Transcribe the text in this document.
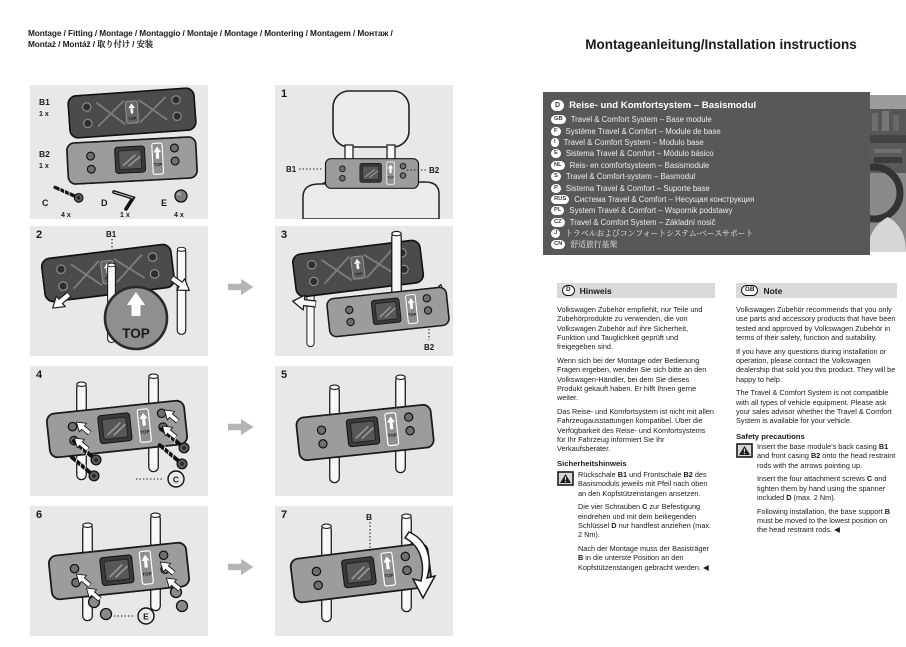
Montage / Fitting / Montage / Montaggio / Montaje / Montage / Montering / Montagem / Монтаж /
Montaż / Montáž / 取り付け / 安装
B1
1 x
B2
1 x
C
4 x
D
1 x
E
4 x
1
B1	B2
2	B1
TOP
3
B2
4
C
5
6
E
7	B
Montageanleitung/Installation instructions
D Reise- und Komfortsystem – Basismodul
GB	Travel & Comfort System – Base module
F	Système Travel & Comfort – Module de base
I	Travel & Comfort System – Modulo base
E	Sistema Travel & Comfort – Módulo básico
NL	Reis- en comfortsysteem – Basismodule
S	Travel & Comfort-system – Basmodul
P	Sistema Travel & Comfort – Suporte base
RUS	Система Travel & Comfort – Несущая конструкция
PL	System Travel & Comfort – Wspornik podstawy
CZ	Travel & Comfort System – Základní nosič
J	トラベルおよびコンフォートシステム-ベースサポート
CN	舒适旅行基架
D	Hinweis

Volkswagen Zubehör empfiehlt, nur Teile und Zubehörprodukte zu verwenden, die von Volkswagen Zubehör auf ihre Sicherheit, Funktion und Tauglichkeit geprüft und freigegeben sind.

Wenn sich bei der Montage oder Bedienung Fragen ergeben, wenden Sie sich bitte an den Volkswagen-Händler, bei dem Sie dieses Produkt gekauft haben. Er hilft Ihnen gerne weiter.

Das Reise- und Komfortsystem ist nicht mit allen Fahrzeugausstattungen kompatibel. Über die Verfügbarkeit des Reise- und Komfortsystems für Ihr Fahrzeug informiert Sie Ihr Verkaufsberater.

Sicherheitshinweis

Rückschale B1 und Frontschale B2 des Basismoduls jeweils mit Pfeil nach oben an den Kopfstützenstangen ansetzen.

Die vier Schrauben C zur Befestigung eindrehen und mit dem beiliegenden Schlüssel D nur handfest anziehen (max. 2 Nm).

Nach der Montage muss der Basisträger B in die unterste Position an den Kopfstützenstangen gebracht werden. ◀

GB	Note

Volkswagen Zubehör recommends that you only use parts and accessory products that have been tested and approved by Volkswagen Zubehör in terms of their safety, function and suitability.

If you have any questions during installation or operation, please contact the Volkswagen dealership that sold you this product. They will be happy to help.

The Travel & Comfort System is not compatible with all types of vehicle equipment. Please ask your sales advisor whether the Travel & Comfort System is available for your vehicle.

Safety precautions

Insert the base module's back casing B1 and front casing B2 onto the head restraint rods with the arrows pointing up.

Insert the four attachment screws C and tighten them by hand using the spanner included D (max. 2 Nm).

Following installation, the base support B must be moved to the lowest position on the head restraint rods. ◀
